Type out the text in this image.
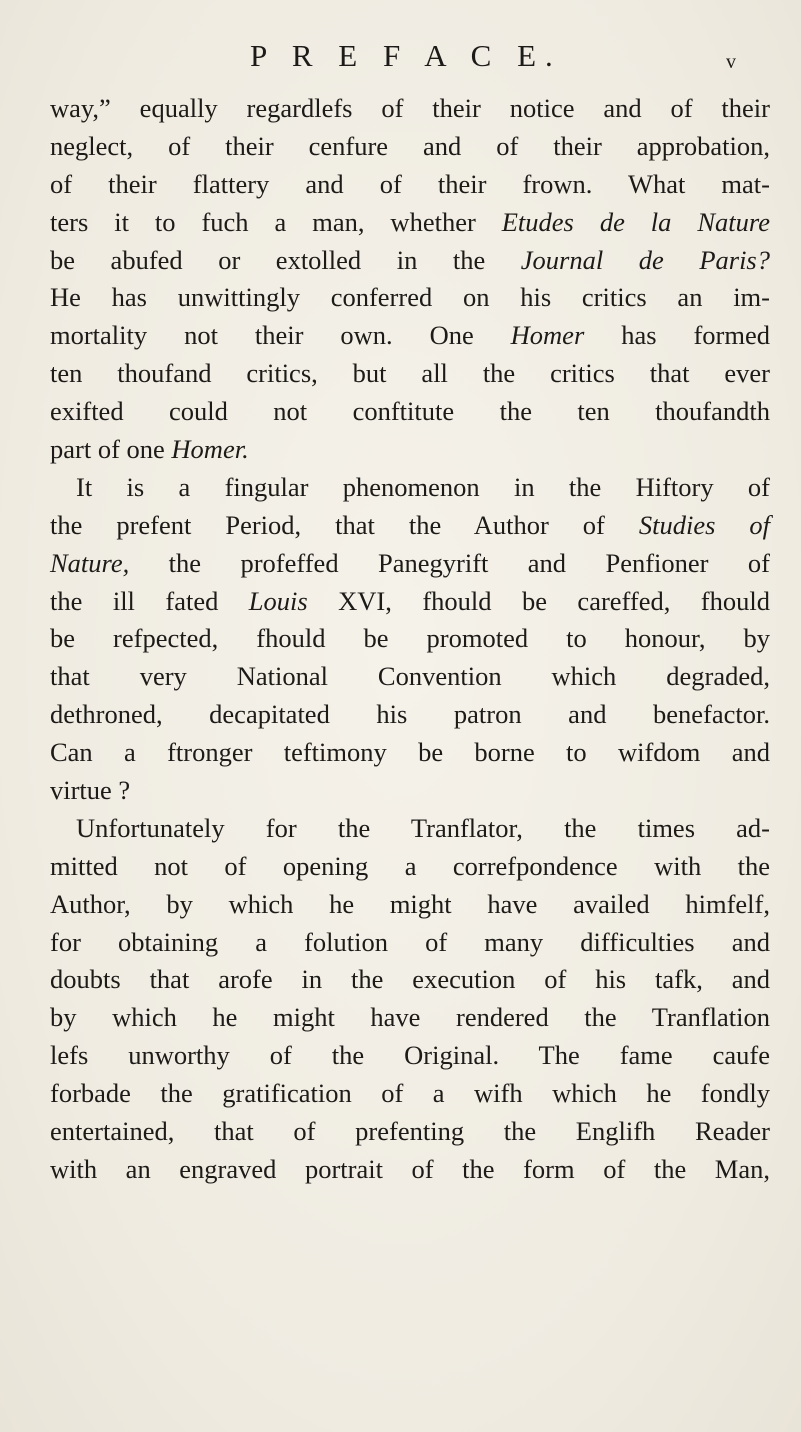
P R E F A C E.	v
way,” equally regardlefs of their notice and of their
neglect, of their cenfure and of their approbation,
of their flattery and of their frown. What mat-
ters it to fuch a man, whether Etudes de la Nature
be abufed or extolled in the Journal de Paris?
He has unwittingly conferred on his critics an im-
mortality not their own. One Homer has formed
ten thoufand critics, but all the critics that ever
exifted could not conftitute the ten thoufandth
part of one Homer.
It is a fingular phenomenon in the Hiftory of
the prefent Period, that the Author of Studies of
Nature, the profeffed Panegyrift and Penfioner of
the ill fated Louis XVI, fhould be careffed, fhould
be refpected, fhould be promoted to honour, by
that very National Convention which degraded,
dethroned, decapitated his patron and benefactor.
Can a ftronger teftimony be borne to wifdom and
virtue ?
Unfortunately for the Tranflator, the times ad-
mitted not of opening a correfpondence with the
Author, by which he might have availed himfelf,
for obtaining a folution of many difficulties and
doubts that arofe in the execution of his tafk, and
by which he might have rendered the Tranflation
lefs unworthy of the Original. The fame caufe
forbade the gratification of a wifh which he fondly
entertained, that of prefenting the Englifh Reader
with an engraved portrait of the form of the Man,
